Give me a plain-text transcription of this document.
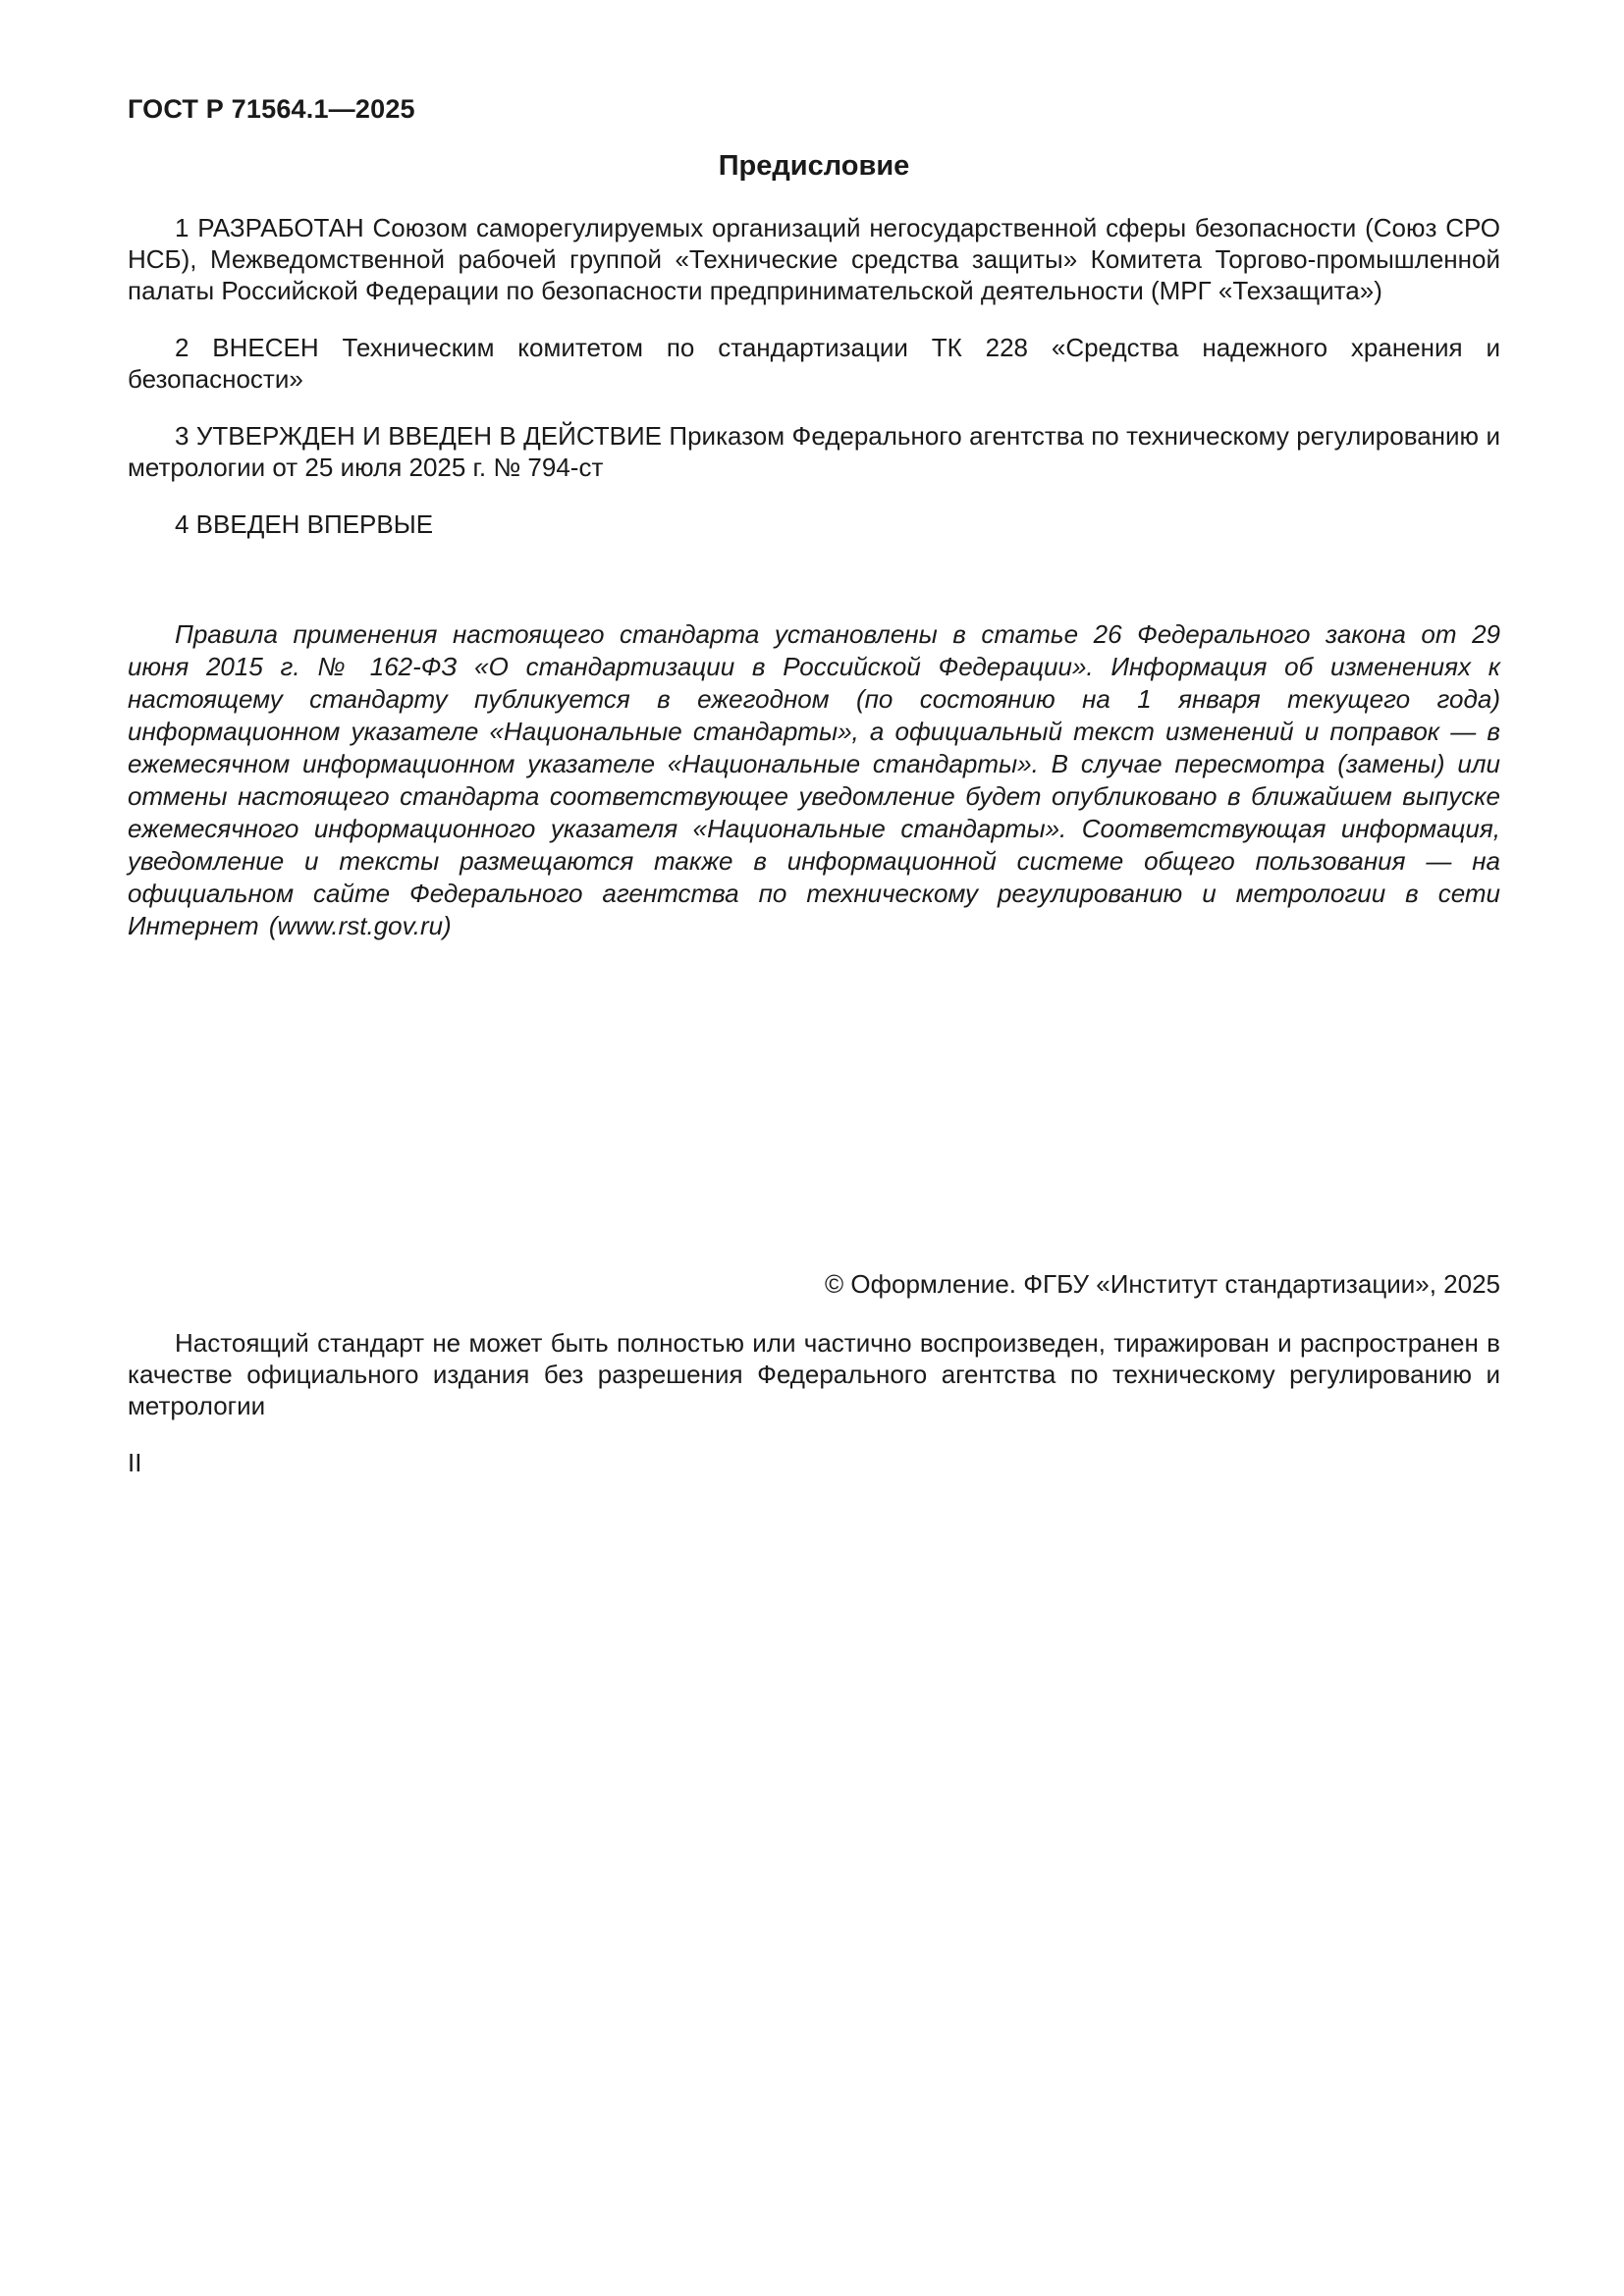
ГОСТ Р 71564.1—2025
Предисловие

1 РАЗРАБОТАН Союзом саморегулируемых организаций негосударственной сферы безопасности (Союз СРО НСБ), Межведомственной рабочей группой «Технические средства защиты» Комитета Торгово-промышленной палаты Российской Федерации по безопасности предпринимательской деятельности (МРГ «Техзащита»)

2 ВНЕСЕН Техническим комитетом по стандартизации ТК 228 «Средства надежного хранения и безопасности»

3 УТВЕРЖДЕН И ВВЕДЕН В ДЕЙСТВИЕ Приказом Федерального агентства по техническому регулированию и метрологии от 25 июля 2025 г. № 794-ст

4 ВВЕДЕН ВПЕРВЫЕ

Правила применения настоящего стандарта установлены в статье 26 Федерального закона от 29 июня 2015 г. № 162-ФЗ «О стандартизации в Российской Федерации». Информация об изменениях к настоящему стандарту публикуется в ежегодном (по состоянию на 1 января текущего года) информационном указателе «Национальные стандарты», а официальный текст изменений и поправок — в ежемесячном информационном указателе «Национальные стандарты». В случае пересмотра (замены) или отмены настоящего стандарта соответствующее уведомление будет опубликовано в ближайшем выпуске ежемесячного информационного указателя «Национальные стандарты». Соответствующая информация, уведомление и тексты размещаются также в информационной системе общего пользования — на официальном сайте Федерального агентства по техническому регулированию и метрологии в сети Интернет (www.rst.gov.ru)

© Оформление. ФГБУ «Институт стандартизации», 2025

Настоящий стандарт не может быть полностью или частично воспроизведен, тиражирован и распространен в качестве официального издания без разрешения Федерального агентства по техническому регулированию и метрологии

II
